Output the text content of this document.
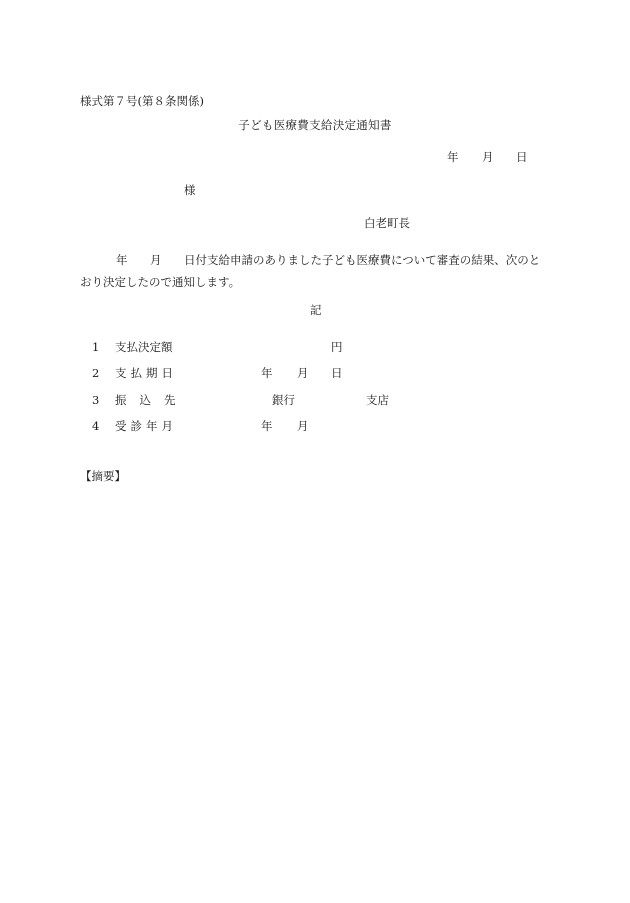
様式第７号(第８条関係)
子ども医療費支給決定通知書
年 月 日
様
白老町長
年 月 日付支給申請のありました子ども医療費について審査の結果、次のと
おり決定したので通知します。
記
1 支払決定額	円
2 支払期日	年 月 日
3 振込先	銀行	支店
4 受診年月	年 月
【摘要】
